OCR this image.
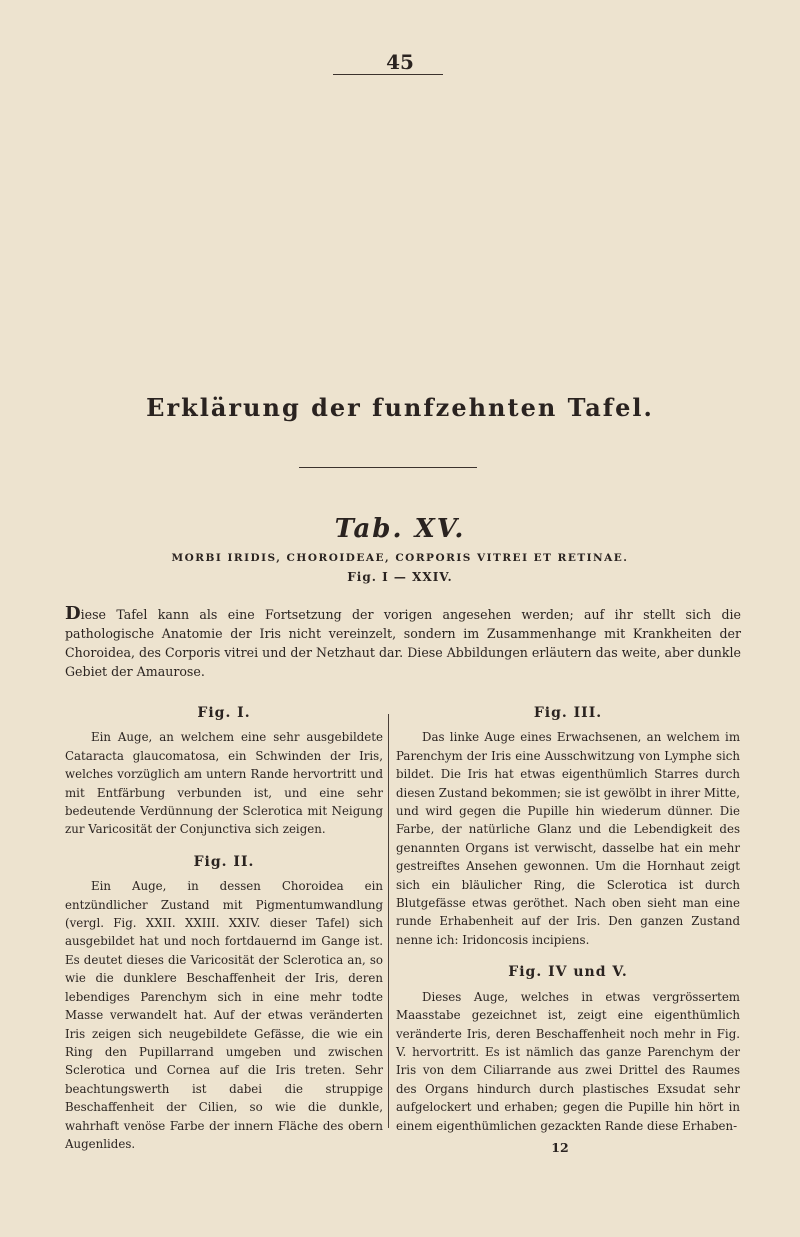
45
Erklärung der funfzehnten Tafel.
Tab. XV.
MORBI IRIDIS, CHOROIDEAE, CORPORIS VITREI ET RETINAE.
Fig. I — XXIV.
Diese Tafel kann als eine Fortsetzung der vorigen angesehen werden; auf ihr stellt sich die pathologische Anatomie der Iris nicht vereinzelt, sondern im Zusammenhange mit Krankheiten der Choroidea, des Corporis vitrei und der Netzhaut dar. Diese Abbildungen erläutern das weite, aber dunkle Gebiet der Amaurose.
Fig. I.

Ein Auge, an welchem eine sehr ausgebildete Cataracta glaucomatosa, ein Schwinden der Iris, welches vorzüglich am untern Rande hervortritt und mit Entfärbung verbunden ist, und eine sehr bedeutende Verdünnung der Sclerotica mit Neigung zur Varicosität der Conjunctiva sich zeigen.

Fig. II.

Ein Auge, in dessen Choroidea ein entzündlicher Zustand mit Pigmentumwandlung (vergl. Fig. XXII. XXIII. XXIV. dieser Tafel) sich ausgebildet hat und noch fortdauernd im Gange ist. Es deutet dieses die Varicosität der Sclerotica an, so wie die dunklere Beschaffenheit der Iris, deren lebendiges Parenchym sich in eine mehr todte Masse verwandelt hat. Auf der etwas veränderten Iris zeigen sich neugebildete Gefässe, die wie ein Ring den Pupillarrand umgeben und zwischen Sclerotica und Cornea auf die Iris treten. Sehr beachtungswerth ist dabei die struppige Beschaffenheit der Cilien, so wie die dunkle, wahrhaft venöse Farbe der innern Fläche des obern Augenlides.

Fig. III.

Das linke Auge eines Erwachsenen, an welchem im Parenchym der Iris eine Ausschwitzung von Lymphe sich bildet. Die Iris hat etwas eigenthümlich Starres durch diesen Zustand bekommen; sie ist gewölbt in ihrer Mitte, und wird gegen die Pupille hin wiederum dünner. Die Farbe, der natürliche Glanz und die Lebendigkeit des genannten Organs ist verwischt, dasselbe hat ein mehr gestreiftes Ansehen gewonnen. Um die Hornhaut zeigt sich ein bläulicher Ring, die Sclerotica ist durch Blutgefässe etwas geröthet. Nach oben sieht man eine runde Erhabenheit auf der Iris. Den ganzen Zustand nenne ich: Iridoncosis incipiens.

Fig. IV und V.

Dieses Auge, welches in etwas vergrössertem Maasstabe gezeichnet ist, zeigt eine eigenthümlich veränderte Iris, deren Beschaffenheit noch mehr in Fig. V. hervortritt. Es ist nämlich das ganze Parenchym der Iris von dem Ciliarrande aus zwei Drittel des Raumes des Organs hindurch durch plastisches Exsudat sehr aufgelockert und erhaben; gegen die Pupille hin hört in einem eigenthümlichen gezackten Rande diese Erhaben-

12
